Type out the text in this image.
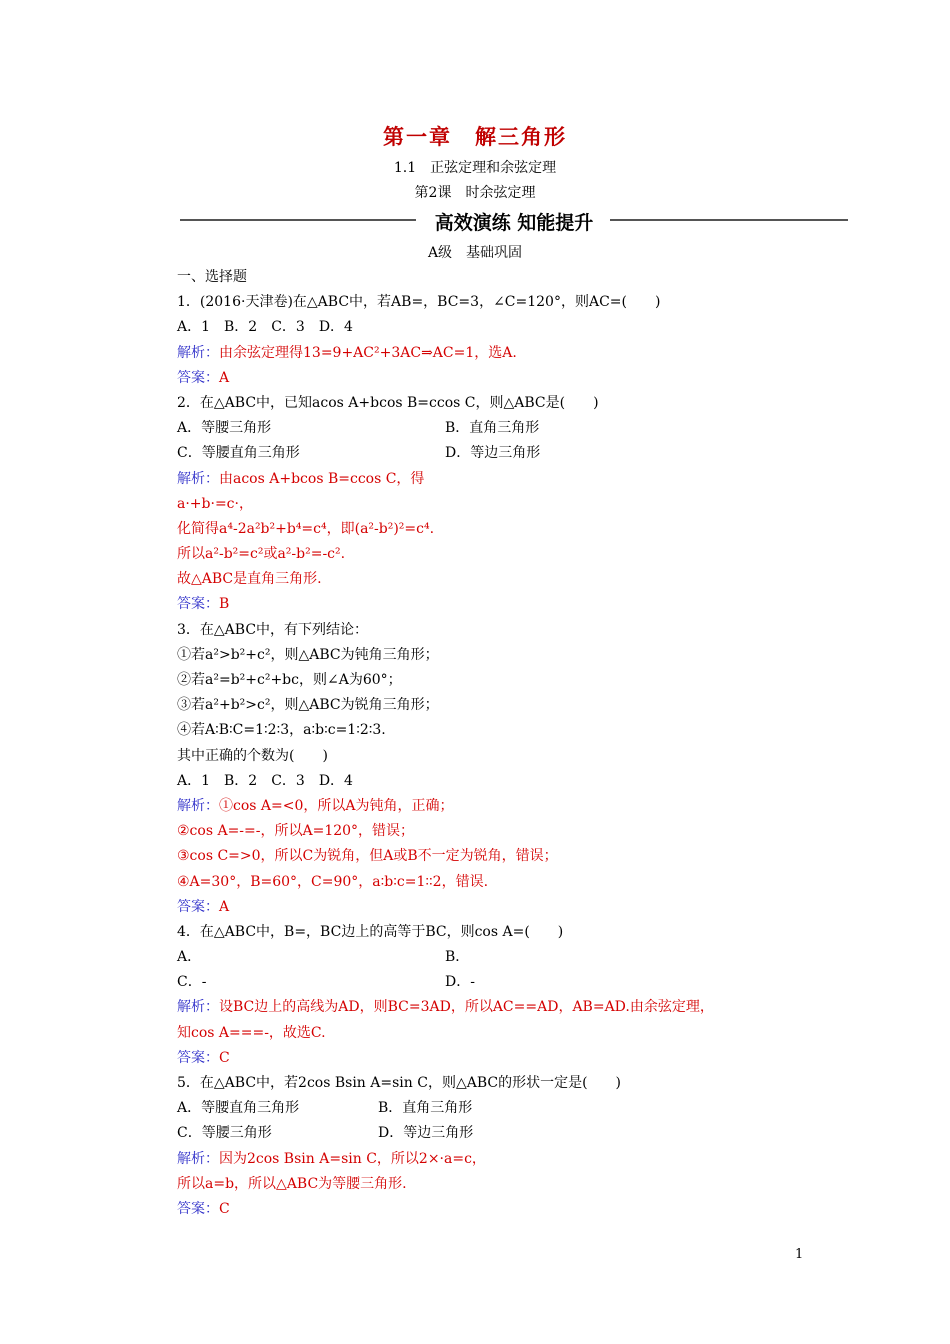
第一章　解三角形
1.1　正弦定理和余弦定理
第2课　时余弦定理
高效演练 知能提升
A级　基础巩固
一、选择题
1．(2016·天津卷)在△ABC中，若AB=，BC=3，∠C=120°，则AC=(　　)
A．1　B．2　C．3　D．4
解析：由余弦定理得13=9+AC²+3AC⇒AC=1，选A.
答案：A
2．在△ABC中，已知acos A+bcos B=ccos C，则△ABC是(　　)
A．等腰三角形	B．直角三角形
C．等腰直角三角形	D．等边三角形
解析：由acos A+bcos B=ccos C，得
a·+b·=c·，
化简得a⁴-2a²b²+b⁴=c⁴，即(a²-b²)²=c⁴.
所以a²-b²=c²或a²-b²=-c².
故△ABC是直角三角形.
答案：B
3．在△ABC中，有下列结论：
①若a²>b²+c²，则△ABC为钝角三角形；
②若a²=b²+c²+bc，则∠A为60°；
③若a²+b²>c²，则△ABC为锐角三角形；
④若A∶B∶C=1∶2∶3，a∶b∶c=1∶2∶3.
其中正确的个数为(　　)
A．1　B．2　C．3　D．4
解析：①cos A=<0，所以A为钝角，正确；
②cos A=-=-，所以A=120°，错误；
③cos C=>0，所以C为锐角，但A或B不一定为锐角，错误；
④A=30°，B=60°，C=90°，a∶b∶c=1∶∶2，错误.
答案：A
4．在△ABC中，B=，BC边上的高等于BC，则cos A=(　　)
A．	B．
C．-	D．-
解析：设BC边上的高线为AD，则BC=3AD，所以AC==AD，AB=AD.由余弦定理，
知cos A===-，故选C.
答案：C
5．在△ABC中，若2cos Bsin A=sin C，则△ABC的形状一定是(　　)
A．等腰直角三角形	B．直角三角形
C．等腰三角形	D．等边三角形
解析：因为2cos Bsin A=sin C，所以2×·a=c，
所以a=b，所以△ABC为等腰三角形.
答案：C
1
